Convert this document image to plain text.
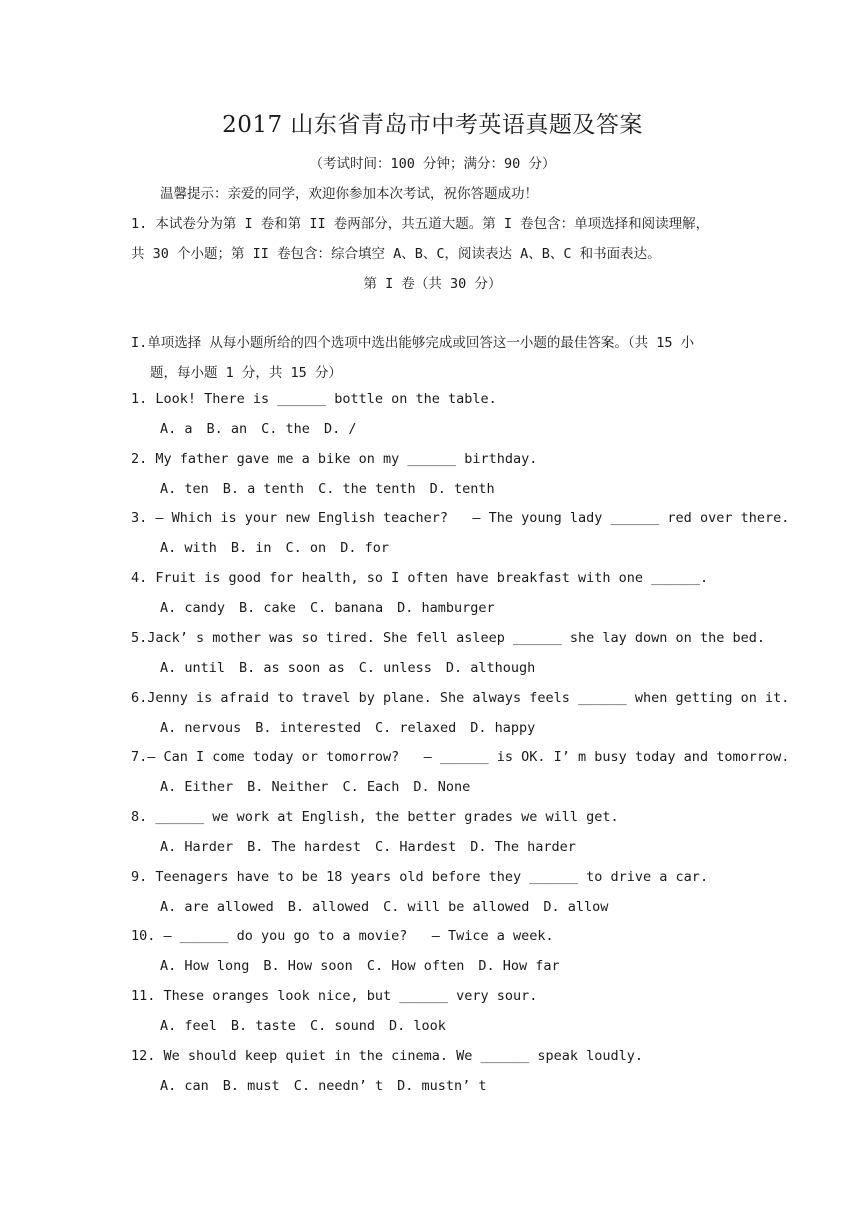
2017 山东省青岛市中考英语真题及答案
（考试时间：100 分钟；满分：90 分）
温馨提示：亲爱的同学，欢迎你参加本次考试，祝你答题成功！
1. 本试卷分为第 I 卷和第 II 卷两部分，共五道大题。第 I 卷包含：单项选择和阅读理解，
共 30 个小题；第 II 卷包含：综合填空 A、B、C，阅读表达 A、B、C 和书面表达。
第 I 卷（共 30 分）
I.单项选择 从每小题所给的四个选项中选出能够完成或回答这一小题的最佳答案。（共 15 小
题，每小题 1 分，共 15 分）
1. Look! There is ______ bottle on the table.
A. a B. an C. the D. /
2. My father gave me a bike on my ______ birthday.
A. ten B. a tenth C. the tenth D. tenth
3. — Which is your new English teacher?   — The young lady ______ red over there.
A. with B. in C. on D. for
4. Fruit is good for health, so I often have breakfast with one ______.
A. candy B. cake C. banana D. hamburger
5.Jack’ s mother was so tired. She fell asleep ______ she lay down on the bed.
A. until B. as soon as C. unless D. although
6.Jenny is afraid to travel by plane. She always feels ______ when getting on it.
A. nervous B. interested C. relaxed D. happy
7.— Can I come today or tomorrow?   — ______ is OK. I’ m busy today and tomorrow.
A. Either B. Neither C. Each D. None
8. ______ we work at English, the better grades we will get.
A. Harder B. The hardest C. Hardest D. The harder
9. Teenagers have to be 18 years old before they ______ to drive a car.
A. are allowed B. allowed C. will be allowed D. allow
10. — ______ do you go to a movie?   — Twice a week.
A. How long B. How soon C. How often D. How far
11. These oranges look nice, but ______ very sour.
A. feel B. taste C. sound D. look
12. We should keep quiet in the cinema. We ______ speak loudly.
A. can B. must C. needn’ t D. mustn’ t
